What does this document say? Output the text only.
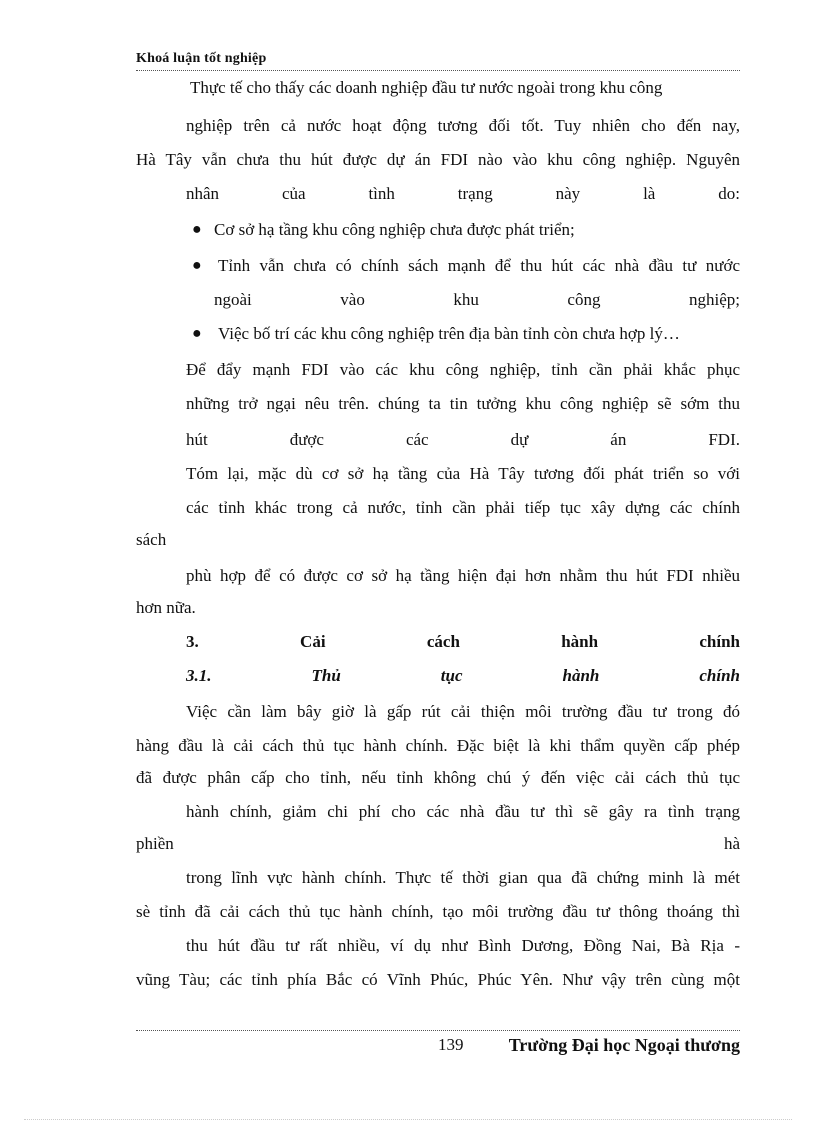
Khoá luận tốt nghiệp
Thực tế cho thấy các doanh nghiệp đầu tư nước ngoài trong khu công
nghiệp trên cả nước hoạt động tương đối tốt. Tuy nhiên cho đến nay,
Hà Tây vẫn chưa thu hút được dự án FDI nào vào khu công nghiệp. Nguyên
nhân của tình trạng này là do:
● Cơ sở hạ tầng khu công nghiệp chưa được phát triển;
● Tỉnh vẫn chưa có chính sách mạnh để thu hút các nhà đầu tư nước
ngoài vào khu công nghiệp;
● Việc bố trí các khu công nghiệp trên địa bàn tỉnh còn chưa hợp lý…
Để đẩy mạnh FDI vào các khu công nghiệp, tỉnh cần phải khắc phục
những trở ngại nêu trên. chúng ta tin tưởng khu công nghiệp sẽ sớm thu
hút được các dự án FDI.
Tóm lại, mặc dù cơ sở hạ tầng của Hà Tây tương đối phát triển so với
các tỉnh khác trong cả nước, tỉnh cần phải tiếp tục xây dựng các chính
sách
phù hợp để có được cơ sở hạ tầng hiện đại hơn nhằm thu hút FDI nhiều
hơn nữa.
3. Cải cách hành chính
3.1. Thủ tục hành chính
Việc cần làm bây giờ là gấp rút cải thiện môi trường đầu tư trong đó
hàng đầu là cải cách thủ tục hành chính. Đặc biệt là khi thẩm quyền cấp phép
đã được phân cấp cho tỉnh, nếu tỉnh không chú ý đến việc cải cách thủ tục
hành chính, giảm chi phí cho các nhà đầu tư thì sẽ gây ra tình trạng
phiền hà
trong lĩnh vực hành chính. Thực tế thời gian qua đã chứng minh là mét
sè tỉnh đã cải cách thủ tục hành chính, tạo môi trường đầu tư thông thoáng thì
thu hút đầu tư rất nhiều, ví dụ như Bình Dương, Đồng Nai, Bà Rịa -
vũng Tàu; các tỉnh phía Bắc có Vĩnh Phúc, Phúc Yên. Như vậy trên cùng một
139	Trường Đại học Ngoại thương
